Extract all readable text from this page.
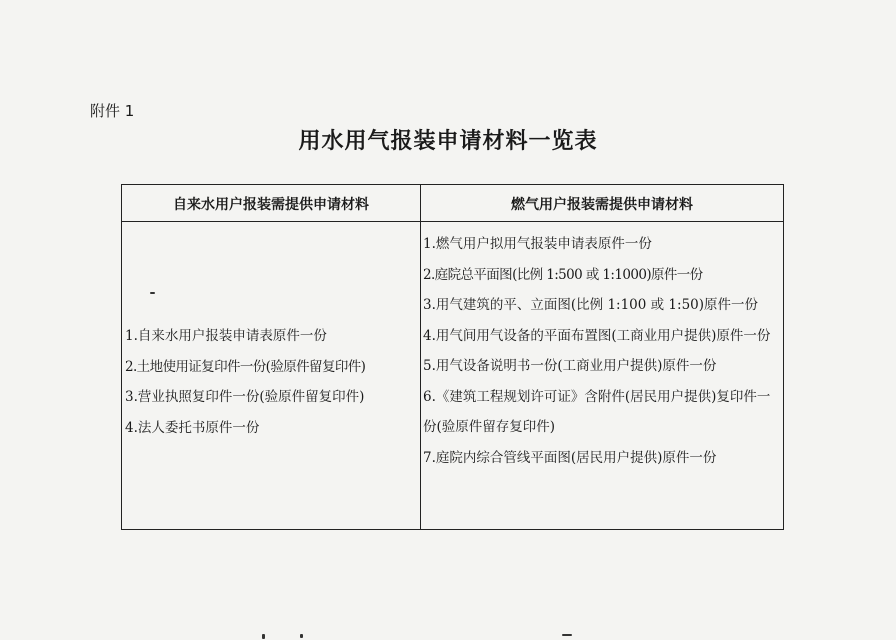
附件 1
用水用气报装申请材料一览表
自来水用户报装需提供申请材料	燃气用户报装需提供申请材料
1.自来水用户报装申请表原件一份
2.土地使用证复印件一份(验原件留复印件)
3.营业执照复印件一份(验原件留复印件)
4.法人委托书原件一份
1.燃气用户拟用气报装申请表原件一份
2.庭院总平面图(比例 1:500 或 1:1000)原件一份
3.用气建筑的平、立面图(比例 1:100 或 1:50)原件一份
4.用气间用气设备的平面布置图(工商业用户提供)原件一份
5.用气设备说明书一份(工商业用户提供)原件一份
6.《建筑工程规划许可证》含附件(居民用户提供)复印件一份(验原件留存复印件)
7.庭院内综合管线平面图(居民用户提供)原件一份
